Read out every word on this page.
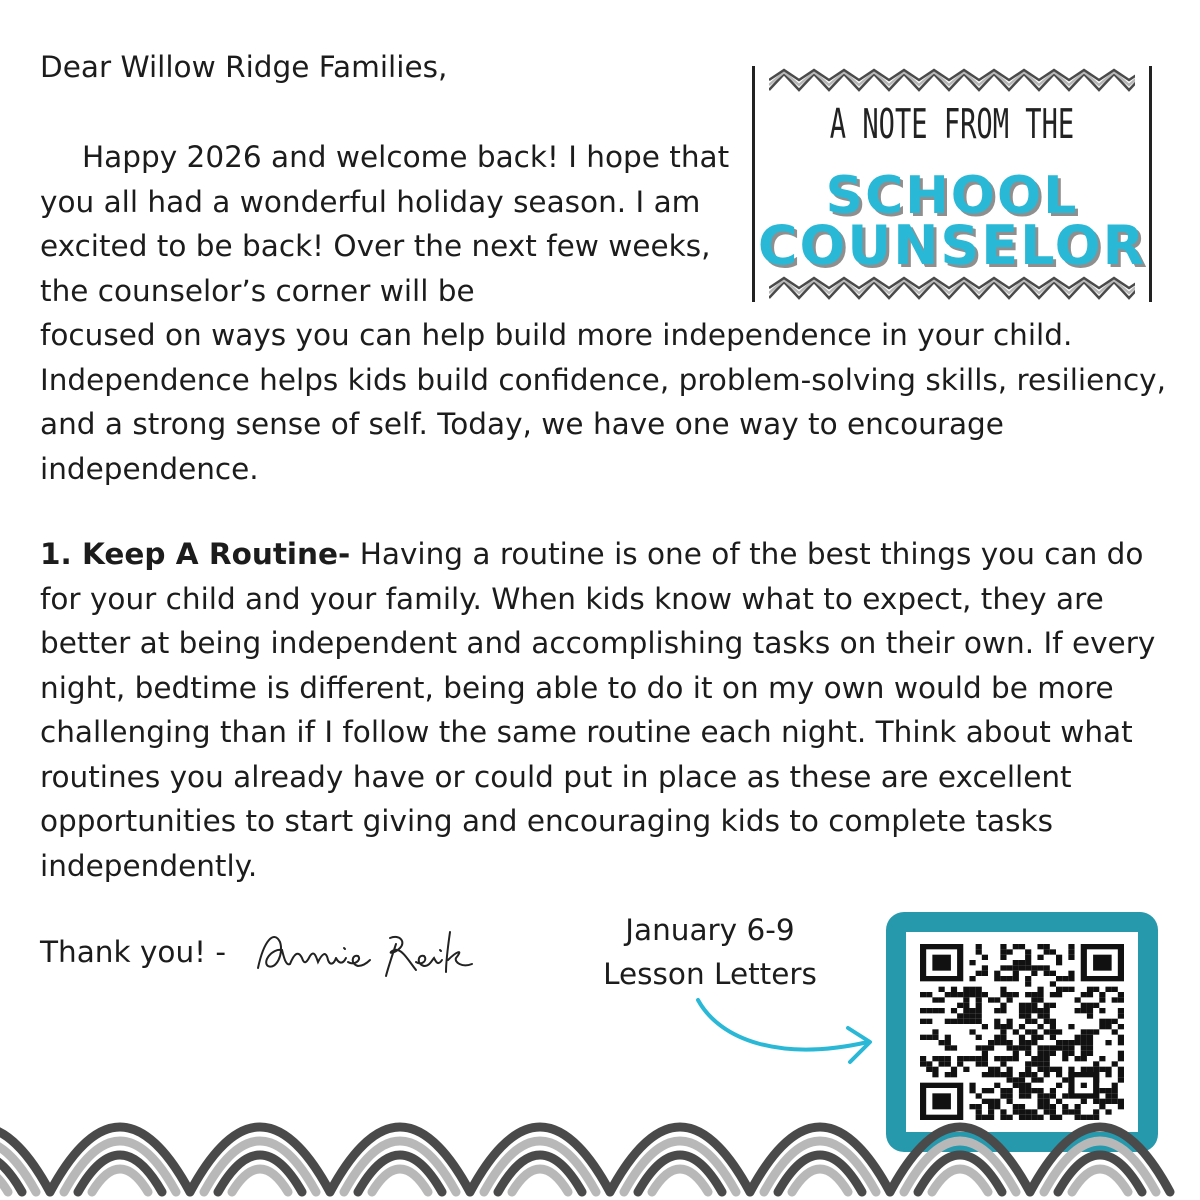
Dear Willow Ridge Families,

Happy 2026 and welcome back! I hope that you all had a wonderful holiday season. I am excited to be back! Over the next few weeks, the counselor’s corner will be
focused on ways you can help build more independence in your child. Independence helps kids build confidence, problem-solving skills, resiliency, and a strong sense of self. Today, we have one way to encourage independence.
A NOTE FROM THE
SCHOOL
COUNSELOR

1. Keep A Routine- Having a routine is one of the best things you can do for your child and your family. When kids know what to expect, they are better at being independent and accomplishing tasks on their own. If every night, bedtime is different, being able to do it on my own would be more challenging than if I follow the same routine each night. Think about what routines you already have or could put in place as these are excellent opportunities to start giving and encouraging kids to complete tasks independently.

Thank you! -

January 6-9
Lesson Letters
